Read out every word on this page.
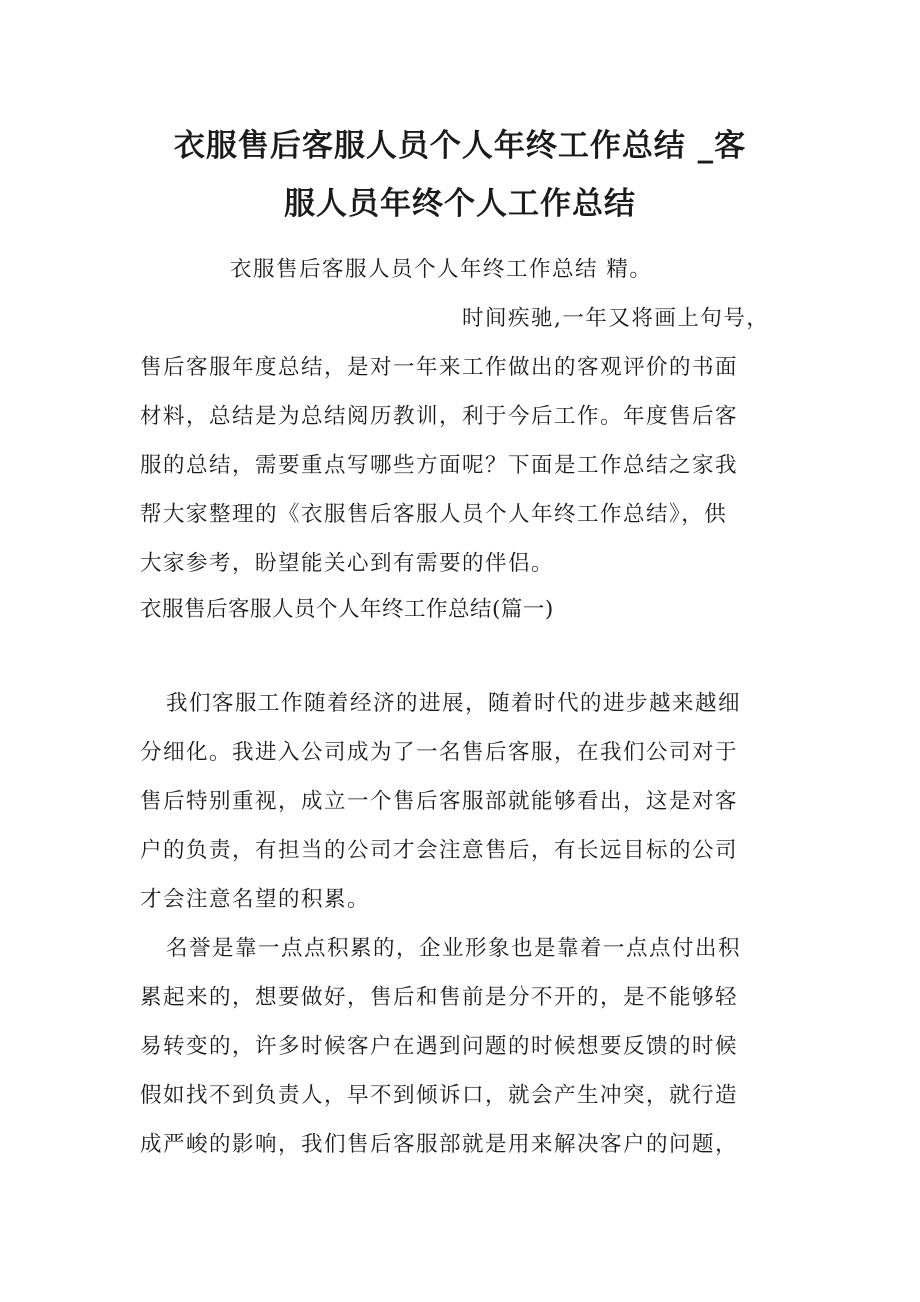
衣服售后客服人员个人年终工作总结 _客
服人员年终个人工作总结
衣服售后客服人员个人年终工作总结 精。
时间疾驰,一年又将画上句号，
售后客服年度总结，是对一年来工作做出的客观评价的书面
材料，总结是为总结阅历教训，利于今后工作。年度售后客
服的总结，需要重点写哪些方面呢？下面是工作总结之家我
帮大家整理的《衣服售后客服人员个人年终工作总结》，供
大家参考，盼望能关心到有需要的伴侣。
衣服售后客服人员个人年终工作总结(篇一)
我们客服工作随着经济的进展，随着时代的进步越来越细
分细化。我进入公司成为了一名售后客服，在我们公司对于
售后特别重视，成立一个售后客服部就能够看出，这是对客
户的负责，有担当的公司才会注意售后，有长远目标的公司
才会注意名望的积累。
名誉是靠一点点积累的，企业形象也是靠着一点点付出积
累起来的，想要做好，售后和售前是分不开的，是不能够轻
易转变的，许多时候客户在遇到问题的时候想要反馈的时候
假如找不到负责人，早不到倾诉口，就会产生冲突，就行造
成严峻的影响，我们售后客服部就是用来解决客户的问题，
